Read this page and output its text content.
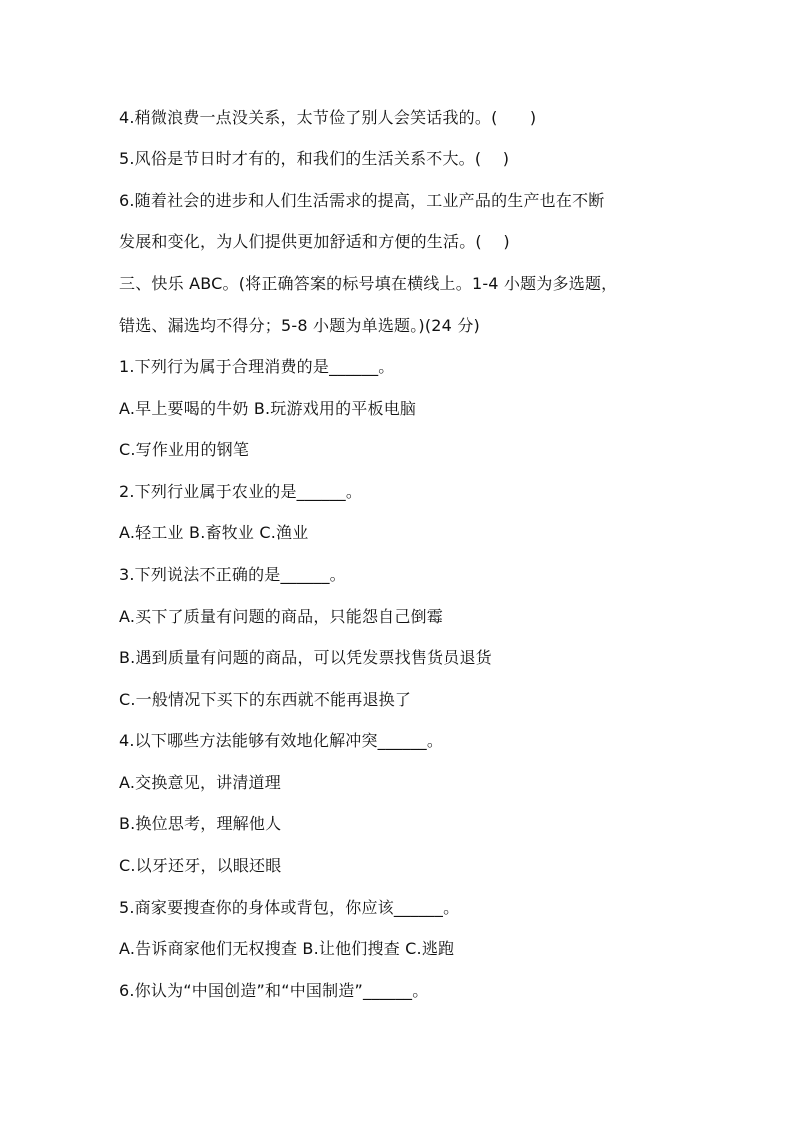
4.稍微浪费一点没关系，太节俭了别人会笑话我的。(　　)
5.风俗是节日时才有的，和我们的生活关系不大。(　 )
6.随着社会的进步和人们生活需求的提高，工业产品的生产也在不断
发展和变化，为人们提供更加舒适和方便的生活。(　 )
三、快乐 ABC。(将正确答案的标号填在横线上。1-4 小题为多选题，
错选、漏选均不得分；5-8 小题为单选题。)(24 分)
1.下列行为属于合理消费的是______。
A.早上要喝的牛奶 B.玩游戏用的平板电脑
C.写作业用的钢笔
2.下列行业属于农业的是______。
A.轻工业 B.畜牧业 C.渔业
3.下列说法不正确的是______。
A.买下了质量有问题的商品，只能怨自己倒霉
B.遇到质量有问题的商品，可以凭发票找售货员退货
C.一般情况下买下的东西就不能再退换了
4.以下哪些方法能够有效地化解冲突______。
A.交换意见，讲清道理
B.换位思考，理解他人
C.以牙还牙，以眼还眼
5.商家要搜查你的身体或背包，你应该______。
A.告诉商家他们无权搜查 B.让他们搜查 C.逃跑
6.你认为“中国创造”和“中国制造”______。
